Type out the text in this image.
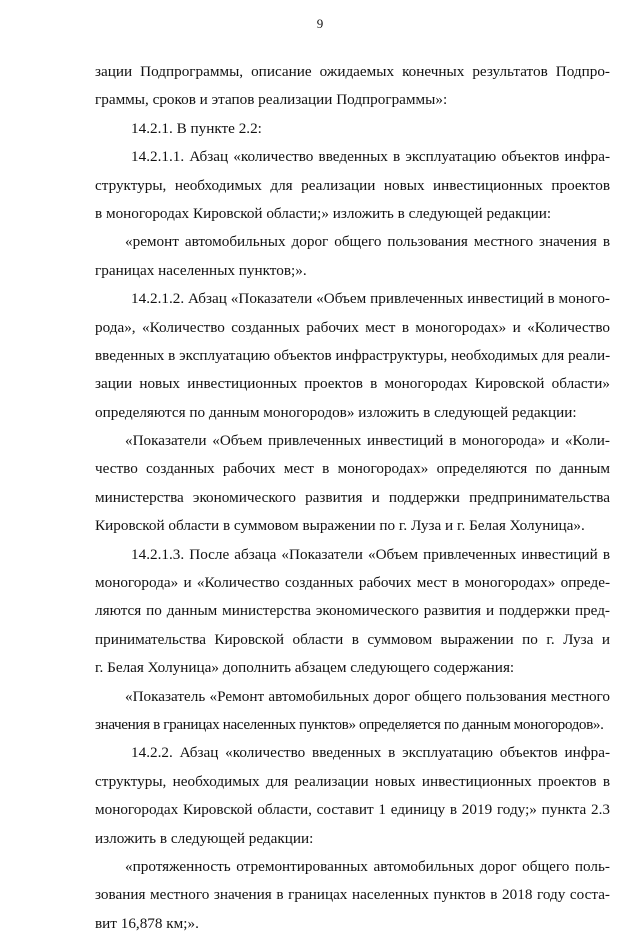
9
зации Подпрограммы, описание ожидаемых конечных результатов Подпро-
граммы, сроков и этапов реализации Подпрограммы»:
14.2.1. В пункте 2.2:
14.2.1.1. Абзац «количество введенных в эксплуатацию объектов инфра-
структуры, необходимых для реализации новых инвестиционных проектов
в моногородах Кировской области;» изложить в следующей редакции:
«ремонт автомобильных дорог общего пользования местного значения в
границах населенных пунктов;».
14.2.1.2. Абзац «Показатели «Объем привлеченных инвестиций в моного-
рода», «Количество созданных рабочих мест в моногородах» и «Количество
введенных в эксплуатацию объектов инфраструктуры, необходимых для реали-
зации новых инвестиционных проектов в моногородах Кировской области»
определяются по данным моногородов» изложить в следующей редакции:
«Показатели «Объем привлеченных инвестиций в моногорода» и «Коли-
чество созданных рабочих мест в моногородах» определяются по данным
министерства экономического развития и поддержки предпринимательства
Кировской области в суммовом выражении по г. Луза и г. Белая Холуница».
14.2.1.3. После абзаца «Показатели «Объем привлеченных инвестиций в
моногорода» и «Количество созданных рабочих мест в моногородах» опреде-
ляются по данным министерства экономического развития и поддержки пред-
принимательства Кировской области в суммовом выражении по г. Луза и
г. Белая Холуница» дополнить абзацем следующего содержания:
«Показатель «Ремонт автомобильных дорог общего пользования местного
значения в границах населенных пунктов» определяется по данным моногородов».
14.2.2. Абзац «количество введенных в эксплуатацию объектов инфра-
структуры, необходимых для реализации новых инвестиционных проектов в
моногородах Кировской области, составит 1 единицу в 2019 году;» пункта 2.3
изложить в следующей редакции:
«протяженность отремонтированных автомобильных дорог общего поль-
зования местного значения в границах населенных пунктов в 2018 году соста-
вит 16,878 км;».
